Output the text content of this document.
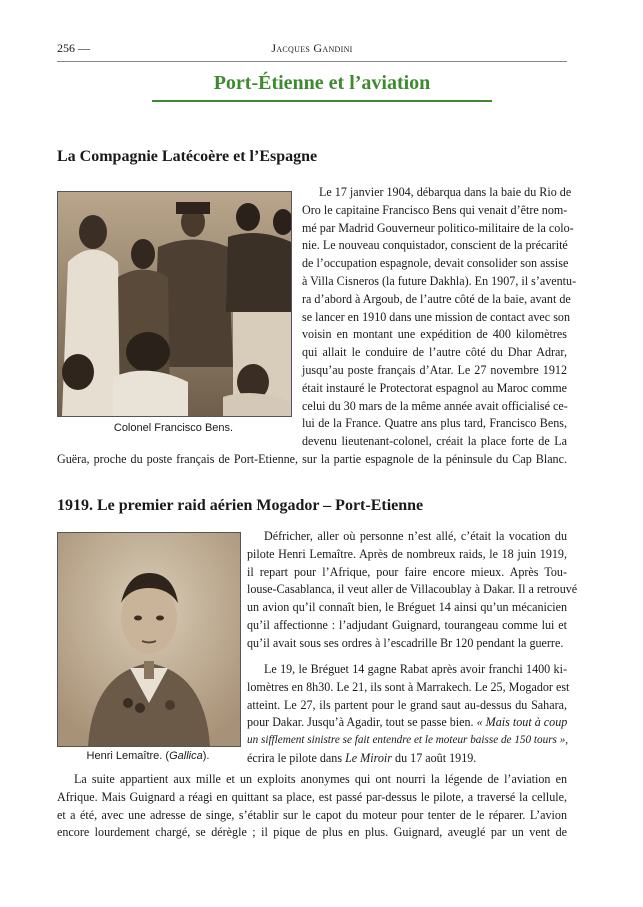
256 —	Jacques Gandini
Port-Étienne et l’aviation
La Compagnie Latécoère et l’Espagne
Colonel Francisco Bens.
Le 17 janvier 1904, débarqua dans la baie du Rio de
Oro le capitaine Francisco Bens qui venait d’être nom-
mé par Madrid Gouverneur politico-militaire de la colo-
nie. Le nouveau conquistador, conscient de la précarité
de l’occupation espagnole, devait consolider son assise
à Villa Cisneros (la future Dakhla). En 1907, il s’aventu-
ra d’abord à Argoub, de l’autre côté de la baie, avant de
se lancer en 1910 dans une mission de contact avec son
voisin en montant une expédition de 400 kilomètres
qui allait le conduire de l’autre côté du Dhar Adrar,
jusqu’au poste français d’Atar. Le 27 novembre 1912
était instauré le Protectorat espagnol au Maroc comme
celui du 30 mars de la même année avait officialisé ce-
lui de la France. Quatre ans plus tard, Francisco Bens,
devenu lieutenant-colonel, créait la place forte de La
Guëra, proche du poste français de Port-Etienne, sur la partie espagnole de la péninsule du Cap Blanc.
1919. Le premier raid aérien Mogador – Port-Etienne
Henri Lemaître. (Gallica).
Défricher, aller où personne n’est allé, c’était la vocation du
pilote Henri Lemaître. Après de nombreux raids, le 18 juin 1919,
il repart pour l’Afrique, pour faire encore mieux. Après Tou-
louse-Casablanca, il veut aller de Villacoublay à Dakar. Il a retrouvé
un avion qu’il connaît bien, le Bréguet 14 ainsi qu’un mécanicien
qu’il affectionne : l’adjudant Guignard, tourangeau comme lui et
qu’il avait sous ses ordres à l’escadrille Br 120 pendant la guerre.
Le 19, le Bréguet 14 gagne Rabat après avoir franchi 1400 ki-
lomètres en 8h30. Le 21, ils sont à Marrakech. Le 25, Mogador est
atteint. Le 27, ils partent pour le grand saut au-dessus du Sahara,
pour Dakar. Jusqu’à Agadir, tout se passe bien. « Mais tout à coup
un sifflement sinistre se fait entendre et le moteur baisse de 150 tours »,
écrira le pilote dans Le Miroir du 17 août 1919.
La suite appartient aux mille et un exploits anonymes qui ont nourri la légende de l’aviation en
Afrique. Mais Guignard a réagi en quittant sa place, est passé par-dessus le pilote, a traversé la cellule,
et a été, avec une adresse de singe, s’établir sur le capot du moteur pour tenter de le réparer. L’avion
encore lourdement chargé, se dérègle ; il pique de plus en plus. Guignard, aveuglé par un vent de
